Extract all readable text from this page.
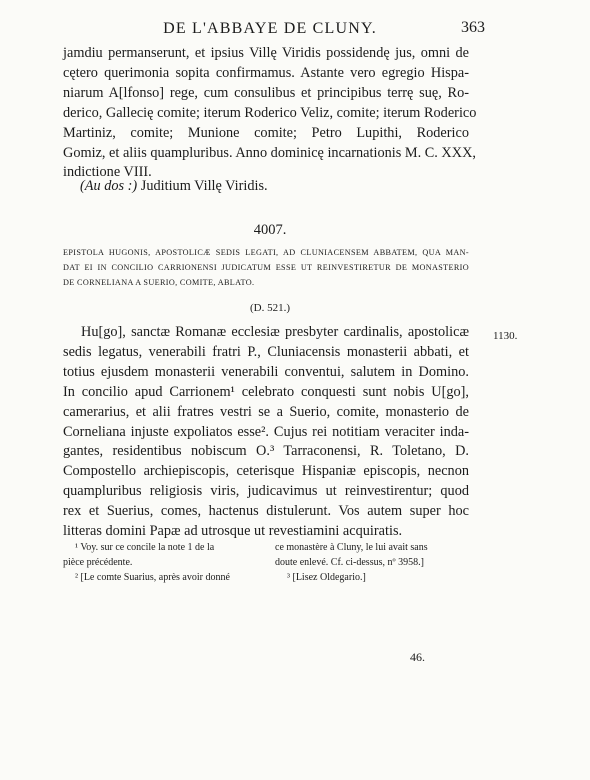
DE L'ABBAYE DE CLUNY.	363
jamdiu permanserunt, et ipsius Villę Viridis possidendę jus, omni de
cętero querimonia sopita confirmamus. Astante vero egregio Hispa-
niarum A[lfonso] rege, cum consulibus et principibus terrę suę, Ro-
derico, Gallecię comite; iterum Roderico Veliz, comite; iterum Roderico
Martiniz, comite; Munione comite; Petro Lupithi, Roderico
Gomiz, et aliis quampluribus. Anno dominicę incarnationis M. C. XXX,
indictione VIII.
(Au dos :) Juditium Villę Viridis.
4007.
EPISTOLA HUGONIS, APOSTOLICÆ SEDIS LEGATI, AD CLUNIACENSEM ABBATEM, QUA MAN-
DAT EI IN CONCILIO CARRIONENSI JUDICATUM ESSE UT REINVESTIRETUR DE MONASTERIO
DE CORNELIANA A SUERIO, COMITE, ABLATO.
(D. 521.)
Hu[go], sanctæ Romanæ ecclesiæ presbyter cardinalis, apostolicæ
sedis legatus, venerabili fratri P., Cluniacensis monasterii abbati, et
totius ejusdem monasterii venerabili conventui, salutem in Domino.
In concilio apud Carrionem¹ celebrato conquesti sunt nobis U[go],
camerarius, et alii fratres vestri se a Suerio, comite, monasterio de
Corneliana injuste expoliatos esse². Cujus rei notitiam veraciter inda-
gantes, residentibus nobiscum O.³ Tarraconensi, R. Toletano, D.
Compostello archiepiscopis, ceterisque Hispaniæ episcopis, necnon
quampluribus religiosis viris, judicavimus ut reinvestirentur; quod
rex et Suerius, comes, hactenus distulerunt. Vos autem super hoc
litteras domini Papæ ad utrosque ut revestiamini acquiratis.
1130.
¹ Voy. sur ce concile la note 1 de la
pièce précédente.
² [Le comte Suarius, après avoir donné
ce monastère à Cluny, le lui avait sans
doute enlevé. Cf. ci-dessus, nº 3958.]
³ [Lisez Oldegario.]
46.
